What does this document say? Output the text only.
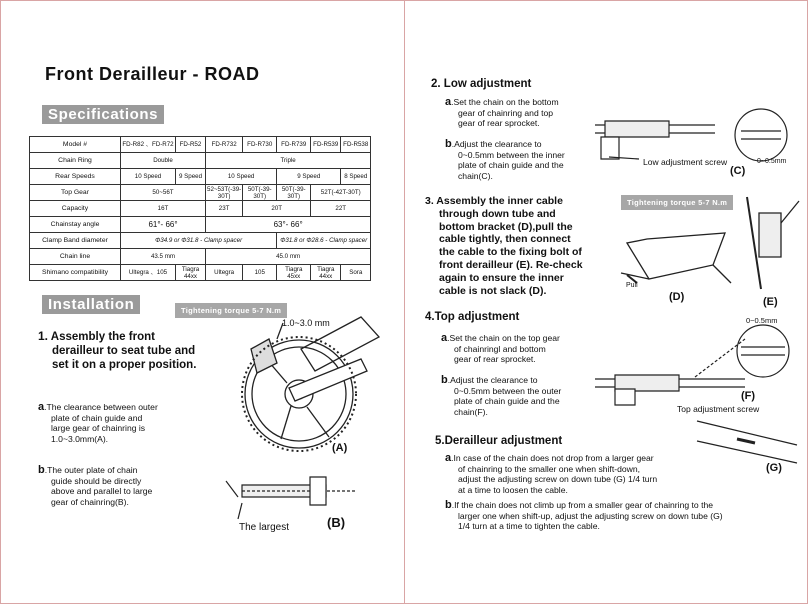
Front Derailleur - ROAD
Specifications
Model #	FD-R82 、FD-R72	FD-R52	FD-R732	FD-R730	FD-R739	FD-R539	FD-R538
Chain Ring	Double		Triple				
Rear Speeds	10 Speed	9 Speed	10 Speed		9 Speed		8 Speed
Top Gear	50~56T		52~53T(-39-30T)	50T(-39-30T)	50T(-39-30T)	52T(-42T-30T)	
Capacity	16T		23T	20T		22T	
Chainstay angle	61°- 66°		63°- 66°				
Clamp Band diameter	Φ34.9 or Φ31.8 - Clamp spacer				Φ31.8 or Φ28.6 - Clamp spacer		
Chain line	43.5 mm		45.0 mm				
Shimano compatibility	Ultegra 、105	Tiagra 44xx	Ultegra	105	Tiagra 45xx	Tiagra 44xx	Sora
Installation	Tightening torque 5-7 N.m
1. Assembly the front
derailleur to seat tube and
set it on a proper position.
a.The clearance between outer
plate of chain guide and
large gear of chainring is
1.0~3.0mm(A).
b.The outer plate of chain
guide should be directly
above and parallel to large
gear of chainring(B).
1.0~3.0 mm
(A)
The largest	(B)
2. Low adjustment
a.Set the chain on the bottom
gear of chainring and top
gear of rear sprocket.
b.Adjust the clearance to
0~0.5mm between the inner
plate of chain guide and the
chain(C).
Low adjustment screw	0~0.5mm
(C)
3. Assembly the inner cable
through down tube and
bottom bracket (D),pull the
cable tightly, then connect
the cable to the fixing bolt of
front derailleur (E). Re-check
again to ensure the inner
cable is not slack (D).
Tightening torque 5-7 N.m
Pull
(D)	(E)
4.Top adjustment
a.Set the chain on the top gear
of chainringl and bottom
gear of rear sprocket.
b.Adjust the clearance to
0~0.5mm between the outer
plate of chain guide and the
chain(F).
0~0.5mm
(F)
Top adjustment screw
5.Derailleur adjustment
(G)
a.In case of the chain does not drop from a larger gear
of chainring to the smaller one when shift-down,
adjust the adjusting screw on down tube (G) 1/4 turn
at a time to loosen the cable.
b.If the chain does not climb up from a smaller gear of chainring to the
larger one when shift-up, adjust the adjusting screw on down tube (G)
1/4 turn at a time to tighten the cable.
